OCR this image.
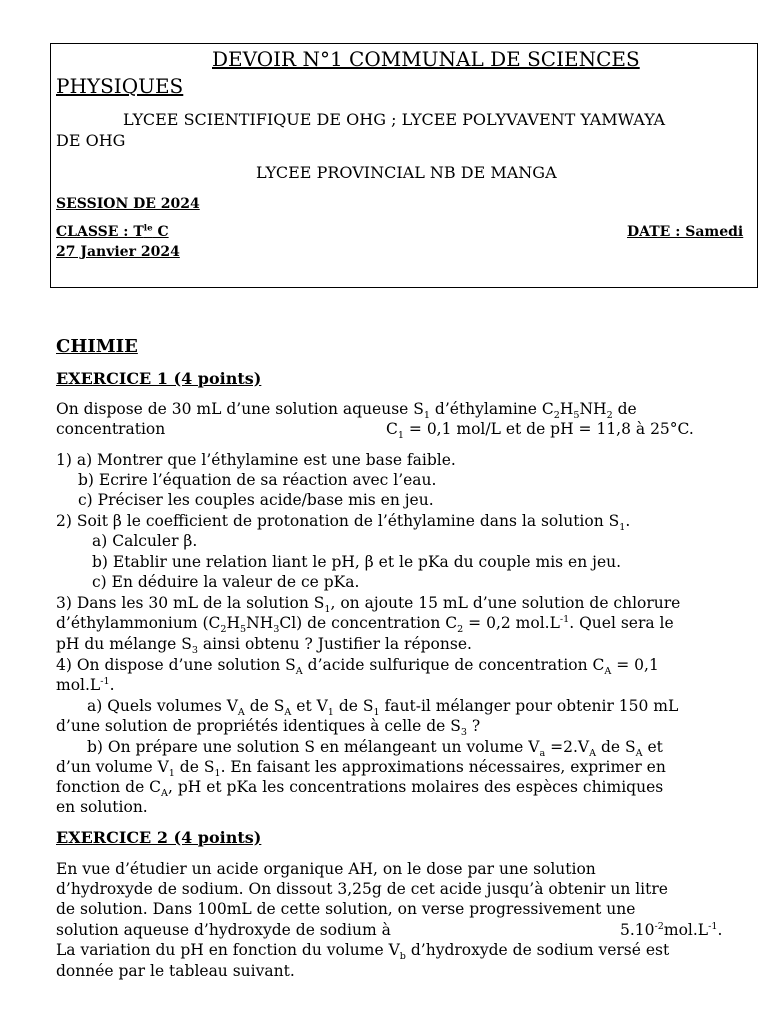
DEVOIR N°1 COMMUNAL DE SCIENCES
PHYSIQUES
LYCEE SCIENTIFIQUE DE OHG ; LYCEE POLYVAVENT YAMWAYA
DE OHG
LYCEE PROVINCIAL NB DE MANGA
SESSION DE 2024
CLASSE : $T^{le}$ C	DATE : Samedi
27 Janvier 2024
CHIMIE
EXERCICE 1 (4 points)
On dispose de 30 mL d’une solution aqueuse $S_1$ d’éthylamine $C_2H_5NH_2$ de
concentration	$C_1 = 0,1$ mol/L et de pH = 11,8 à 25°C.
1) a) Montrer que l’éthylamine est une base faible.
b) Ecrire l’équation de sa réaction avec l’eau.
c) Préciser les couples acide/base mis en jeu.
2) Soit β le coefficient de protonation de l’éthylamine dans la solution $S_1$.
a) Calculer β.
b) Etablir une relation liant le pH, β et le pKa du couple mis en jeu.
c) En déduire la valeur de ce pKa.
3) Dans les 30 mL de la solution $S_1$, on ajoute 15 mL d’une solution de chlorure
d’éthylammonium $(C_2H_5NH_3Cl)$ de concentration $C_2 = 0,2$ $mol.L^{-1}$. Quel sera le
pH du mélange $S_3$ ainsi obtenu ? Justifier la réponse.
4) On dispose d’une solution $S_A$ d’acide sulfurique de concentration $C_A = 0,1$
$mol.L^{-1}$.
a) Quels volumes $V_A$ de $S_A$ et $V_1$ de $S_1$ faut-il mélanger pour obtenir 150 mL
d’une solution de propriétés identiques à celle de $S_3$ ?
b) On prépare une solution S en mélangeant un volume $V_a =2.V_A$ de $S_A$ et
d’un volume $V_1$ de $S_1$. En faisant les approximations nécessaires, exprimer en
fonction de $C_A$, pH et pKa les concentrations molaires des espèces chimiques
en solution.
EXERCICE 2 (4 points)
En vue d’étudier un acide organique AH, on le dose par une solution
d’hydroxyde de sodium. On dissout 3,25g de cet acide jusqu’à obtenir un litre
de solution. Dans 100mL de cette solution, on verse progressivement une
solution aqueuse d’hydroxyde de sodium à	$5.10^{-2}mol.L^{-1}$.
La variation du pH en fonction du volume $V_b$ d’hydroxyde de sodium versé est
donnée par le tableau suivant.
